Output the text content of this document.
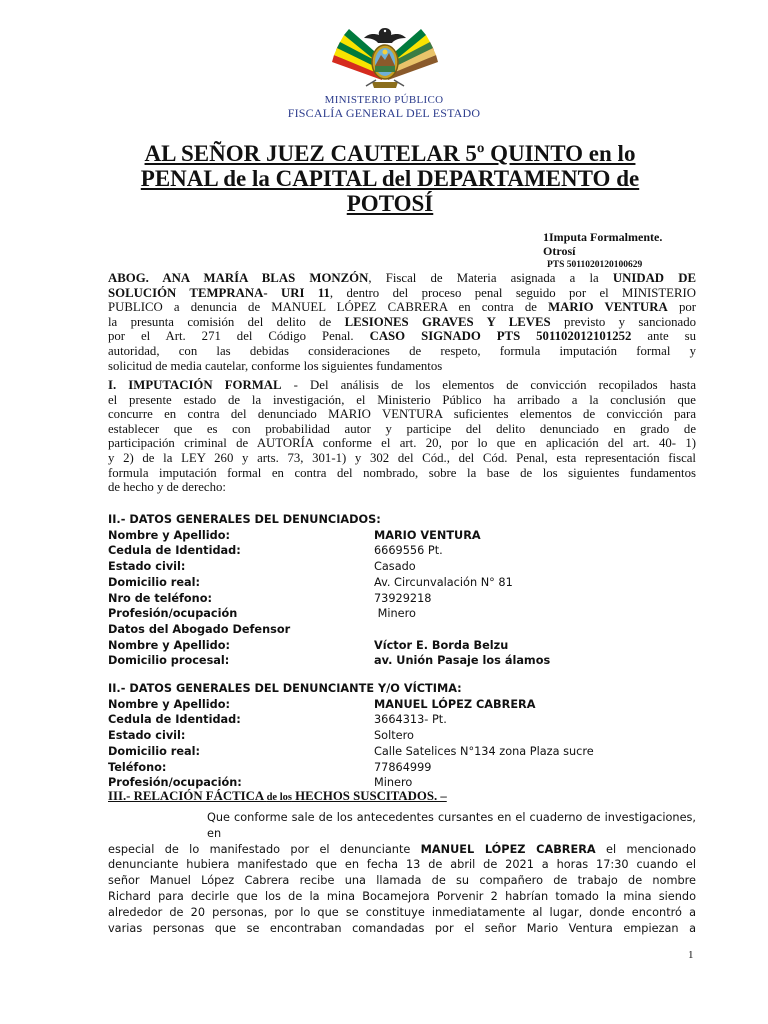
MINISTERIO PÚBLICO
FISCALÍA GENERAL DEL ESTADO
AL SEÑOR JUEZ CAUTELAR 5º QUINTO en lo
PENAL de la CAPITAL del DEPARTAMENTO de
POTOSÍ
1Imputa Formalmente.
Otrosí
PTS 5011020120100629
ABOG. ANA MARÍA BLAS MONZÓN, Fiscal de Materia asignada a la UNIDAD DE
SOLUCIÓN TEMPRANA- URI 11, dentro del proceso penal seguido por el MINISTERIO
PUBLICO a denuncia de MANUEL LÓPEZ CABRERA en contra de MARIO VENTURA por
la presunta comisión del delito de LESIONES GRAVES Y LEVES previsto y sancionado
por el Art. 271 del Código Penal. CASO SIGNADO PTS 501102012101252 ante su
autoridad, con las debidas consideraciones de respeto, formula imputación formal y
solicitud de media cautelar, conforme los siguientes fundamentos
I. IMPUTACIÓN FORMAL - Del análisis de los elementos de convicción recopilados hasta
el presente estado de la investigación, el Ministerio Público ha arribado a la conclusión que
concurre en contra del denunciado MARIO VENTURA suficientes elementos de convicción para
establecer que es con probabilidad autor y participe del delito denunciado en grado de
participación criminal de AUTORÍA conforme el art. 20, por lo que en aplicación del art. 40- 1)
y 2) de la LEY 260 y arts. 73, 301-1) y 302 del Cód., del Cód. Penal, esta representación fiscal
formula imputación formal en contra del nombrado, sobre la base de los siguientes fundamentos
de hecho y de derecho:
II.- DATOS GENERALES DEL DENUNCIADOS:
Nombre y Apellido:	MARIO VENTURA
Cedula de Identidad:	6669556 Pt.
Estado civil:	Casado
Domicilio real:	Av. Circunvalación N° 81
Nro de teléfono:	73929218
Profesión/ocupación	Minero
Datos del Abogado Defensor
Nombre y Apellido:	Víctor E. Borda Belzu
Domicilio procesal:	av. Unión Pasaje los álamos
II.- DATOS GENERALES DEL DENUNCIANTE Y/O VÍCTIMA:
Nombre y Apellido:	MANUEL LÓPEZ CABRERA
Cedula de Identidad:	3664313- Pt.
Estado civil:	Soltero
Domicilio real:	Calle Satelices N°134 zona Plaza sucre
Teléfono:	77864999
Profesión/ocupación:	Minero
III.- RELACIÓN FÁCTICA de los HECHOS SUSCITADOS. –
Que conforme sale de los antecedentes cursantes en el cuaderno de investigaciones, en
especial de lo manifestado por el denunciante MANUEL LÓPEZ CABRERA el mencionado
denunciante hubiera manifestado que en fecha 13 de abril de 2021 a horas 17:30 cuando el
señor Manuel López Cabrera recibe una llamada de su compañero de trabajo de nombre
Richard para decirle que los de la mina Bocamejora Porvenir 2 habrían tomado la mina siendo
alrededor de 20 personas, por lo que se constituye inmediatamente al lugar, donde encontró a
varias personas que se encontraban comandadas por el señor Mario Ventura empiezan a
1
